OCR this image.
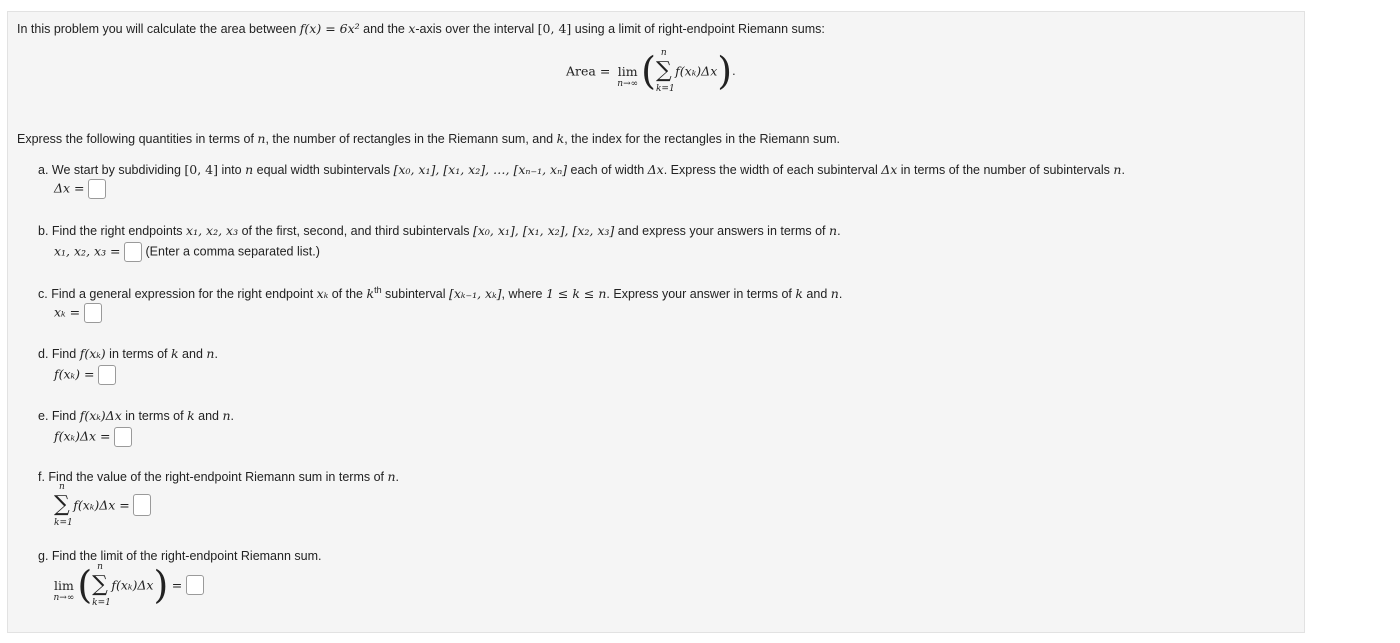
In this problem you will calculate the area between f(x) = 6x² and the x-axis over the interval [0, 4] using a limit of right-endpoint Riemann sums:
Area = lim
n→∞ ( n
∑
k=1
f(xₖ)Δx).
Express the following quantities in terms of n, the number of rectangles in the Riemann sum, and k, the index for the rectangles in the Riemann sum.
a. We start by subdividing [0, 4] into n equal width subintervals [x₀, x₁], [x₁, x₂], …, [xₙ₋₁, xₙ] each of width Δx. Express the width of each subinterval Δx in terms of the number of subintervals n.
Δx =
b. Find the right endpoints x₁, x₂, x₃ of the first, second, and third subintervals [x₀, x₁], [x₁, x₂], [x₂, x₃] and express your answers in terms of n.
x₁, x₂, x₃ = (Enter a comma separated list.)
c. Find a general expression for the right endpoint xₖ of the $k^{th}$ subinterval [xₖ₋₁, xₖ], where 1 ≤ k ≤ n. Express your answer in terms of k and n.
xₖ =
d. Find f(xₖ) in terms of k and n.
f(xₖ) =
e. Find f(xₖ)Δx in terms of k and n.
f(xₖ)Δx =
f. Find the value of the right-endpoint Riemann sum in terms of n.
n
∑
k=1
f(xₖ)Δx =
g. Find the limit of the right-endpoint Riemann sum.
lim
n→∞ ( n
∑
k=1
f(xₖ)Δx) =
